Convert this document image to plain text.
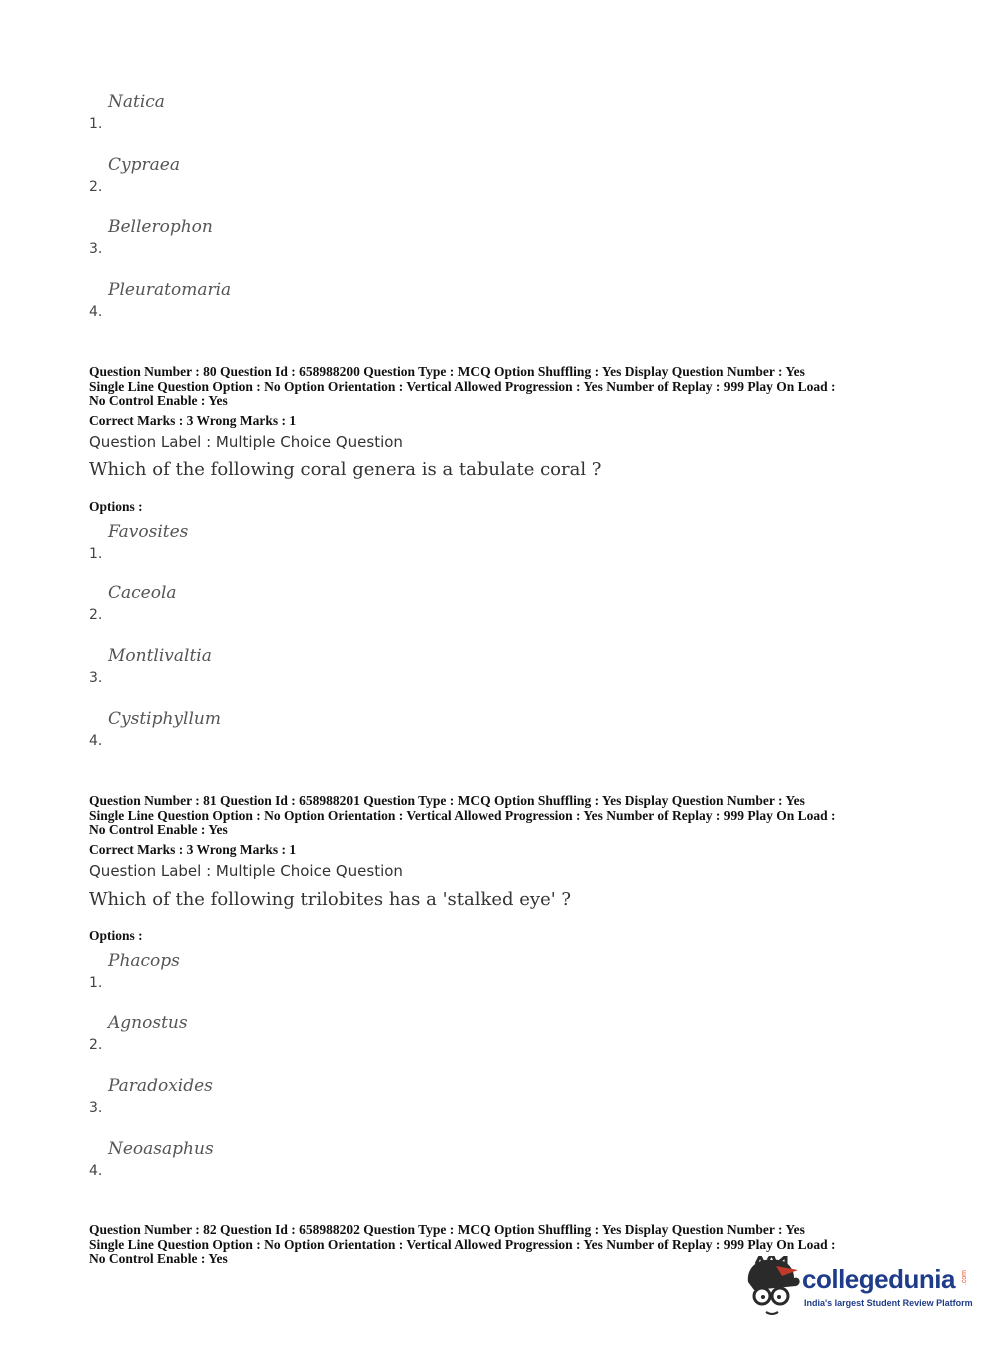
Natica
1.
Cypraea
2.
Bellerophon
3.
Pleuratomaria
4.
Question Number : 80 Question Id : 658988200 Question Type : MCQ Option Shuffling : Yes Display Question Number : Yes
Single Line Question Option : No Option Orientation : Vertical Allowed Progression : Yes Number of Replay : 999 Play On Load :
No Control Enable : Yes
Correct Marks : 3 Wrong Marks : 1
Question Label : Multiple Choice Question
Which of the following coral genera is a tabulate coral ?
Options :
Favosites
1.
Caceola
2.
Montlivaltia
3.
Cystiphyllum
4.
Question Number : 81 Question Id : 658988201 Question Type : MCQ Option Shuffling : Yes Display Question Number : Yes
Single Line Question Option : No Option Orientation : Vertical Allowed Progression : Yes Number of Replay : 999 Play On Load :
No Control Enable : Yes
Correct Marks : 3 Wrong Marks : 1
Question Label : Multiple Choice Question
Which of the following trilobites has a 'stalked eye' ?
Options :
Phacops
1.
Agnostus
2.
Paradoxides
3.
Neoasaphus
4.
Question Number : 82 Question Id : 658988202 Question Type : MCQ Option Shuffling : Yes Display Question Number : Yes
Single Line Question Option : No Option Orientation : Vertical Allowed Progression : Yes Number of Replay : 999 Play On Load :
No Control Enable : Yes
collegedunia .com
India's largest Student Review Platform
